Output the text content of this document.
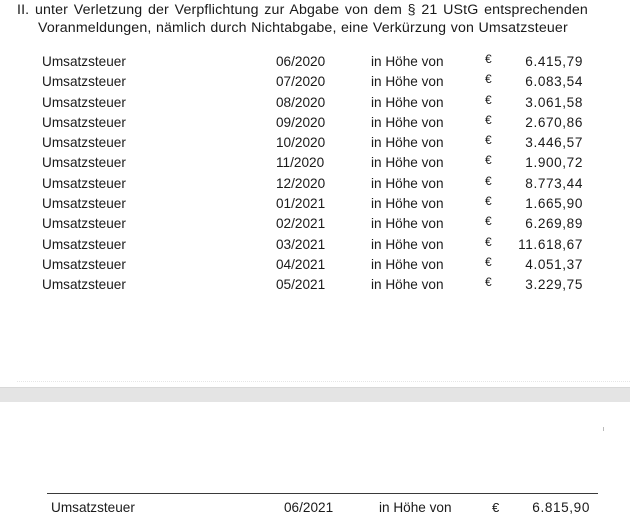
II. unter Verletzung der Verpflichtung zur Abgabe von dem § 21 UStG entsprechenden
Voranmeldungen, nämlich durch Nichtabgabe, eine Verkürzung von Umsatzsteuer
Umsatzsteuer	06/2020	in Höhe von	€ 6.415,79
Umsatzsteuer	07/2020	in Höhe von	€ 6.083,54
Umsatzsteuer	08/2020	in Höhe von	€ 3.061,58
Umsatzsteuer	09/2020	in Höhe von	€ 2.670,86
Umsatzsteuer	10/2020	in Höhe von	€ 3.446,57
Umsatzsteuer	11/2020	in Höhe von	€ 1.900,72
Umsatzsteuer	12/2020	in Höhe von	€ 8.773,44
Umsatzsteuer	01/2021	in Höhe von	€ 1.665,90
Umsatzsteuer	02/2021	in Höhe von	€ 6.269,89
Umsatzsteuer	03/2021	in Höhe von	€ 11.618,67
Umsatzsteuer	04/2021	in Höhe von	€ 4.051,37
Umsatzsteuer	05/2021	in Höhe von	€ 3.229,75
Umsatzsteuer	06/2021	in Höhe von	€ 6.815,90
